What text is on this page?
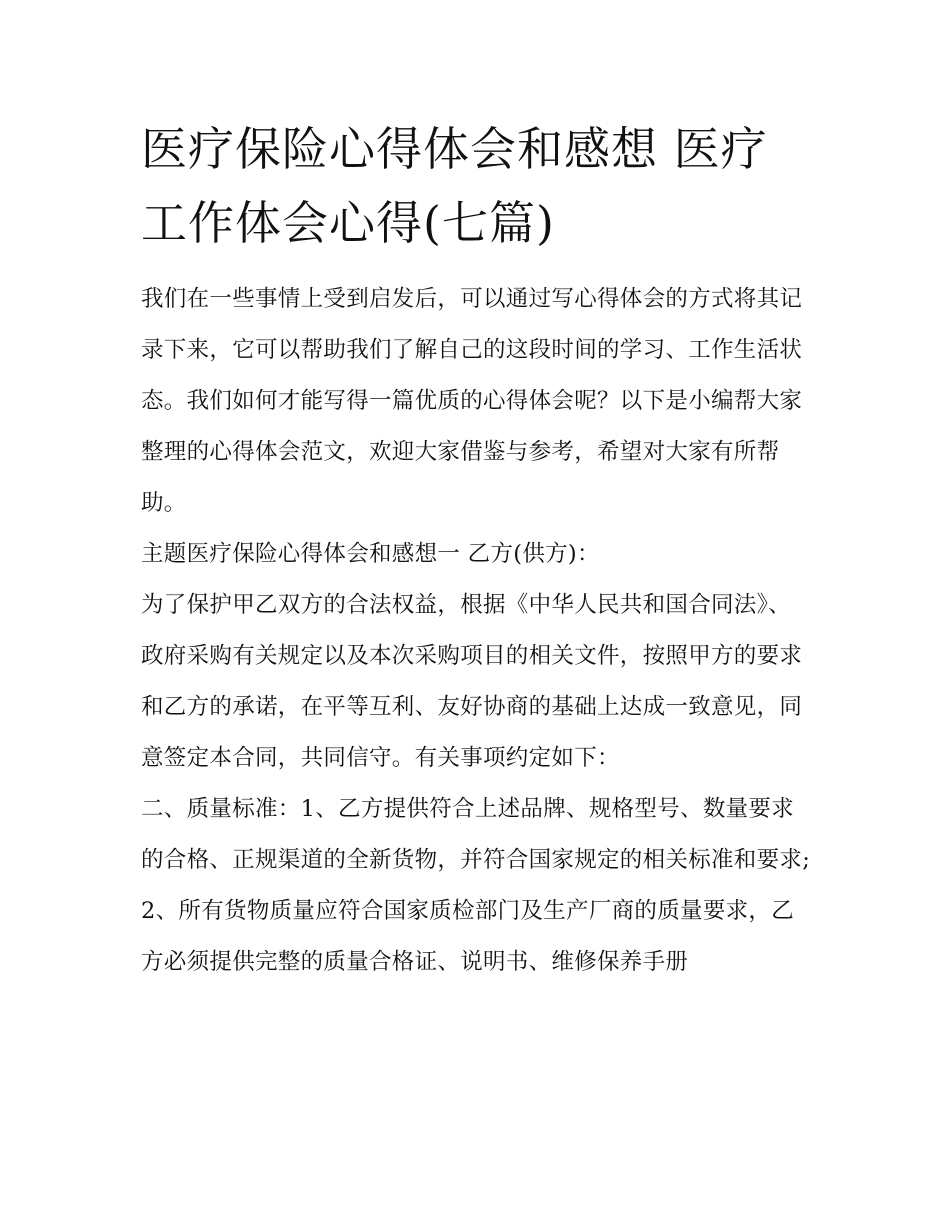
医疗保险心得体会和感想 医疗工作体会心得(七篇)

我们在一些事情上受到启发后，可以通过写心得体会的方式将其记录下来，它可以帮助我们了解自己的这段时间的学习、工作生活状态。我们如何才能写得一篇优质的心得体会呢？以下是小编帮大家整理的心得体会范文，欢迎大家借鉴与参考，希望对大家有所帮助。

主题医疗保险心得体会和感想一 乙方(供方)：

为了保护甲乙双方的合法权益，根据《中华人民共和国合同法》、政府采购有关规定以及本次采购项目的相关文件，按照甲方的要求和乙方的承诺，在平等互利、友好协商的基础上达成一致意见，同意签定本合同，共同信守。有关事项约定如下：

二、质量标准：1、乙方提供符合上述品牌、规格型号、数量要求的合格、正规渠道的全新货物，并符合国家规定的相关标准和要求;

2、所有货物质量应符合国家质检部门及生产厂商的质量要求，乙方必须提供完整的质量合格证、说明书、维修保养手册
